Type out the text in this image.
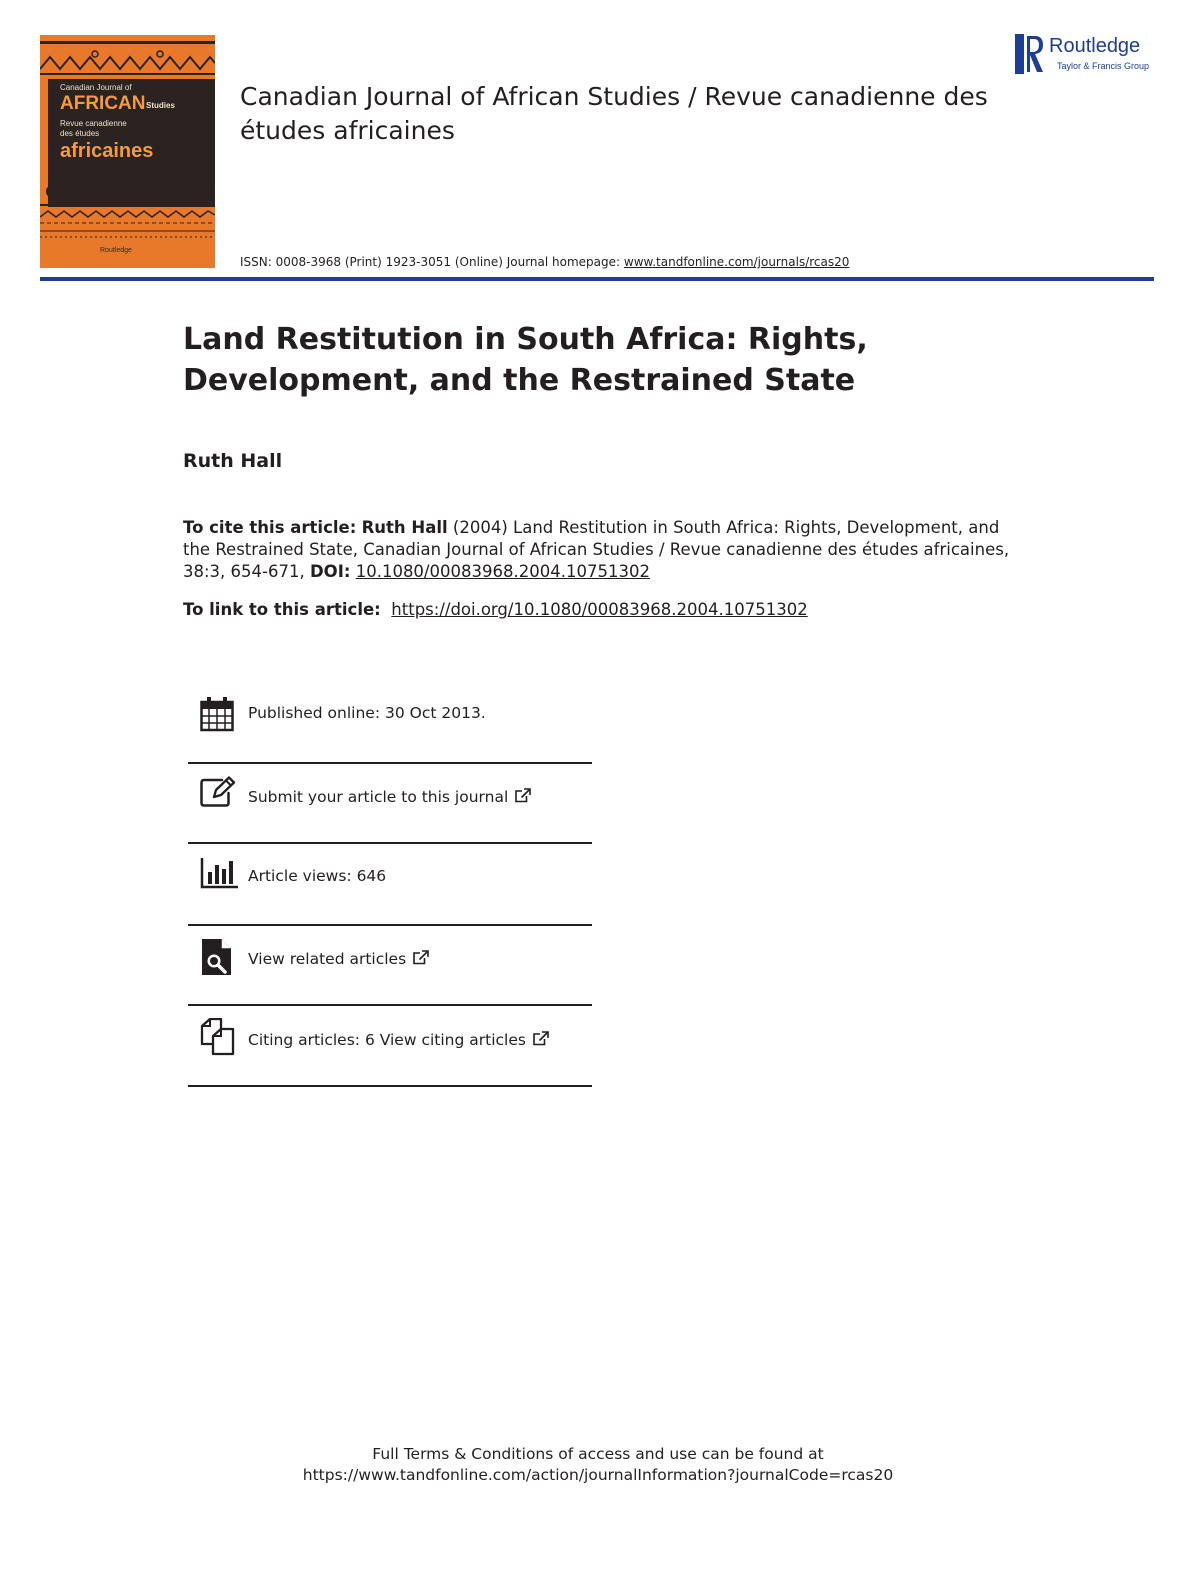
Canadian Journal of
AFRICAN Studies
Revue canadienne
des études
africaines
Routledge
Canadian Journal of African Studies / Revue canadienne des études africaines
ISSN: 0008-3968 (Print) 1923-3051 (Online) Journal homepage: www.tandfonline.com/journals/rcas20
Routledge
Taylor & Francis Group
Land Restitution in South Africa: Rights, Development, and the Restrained State
Ruth Hall
To cite this article: Ruth Hall (2004) Land Restitution in South Africa: Rights, Development, and the Restrained State, Canadian Journal of African Studies / Revue canadienne des études africaines, 38:3, 654-671, DOI: 10.1080/00083968.2004.10751302
To link to this article: https://doi.org/10.1080/00083968.2004.10751302
Published online: 30 Oct 2013.
Submit your article to this journal
Article views: 646
View related articles
Citing articles: 6 View citing articles
Full Terms & Conditions of access and use can be found at
https://www.tandfonline.com/action/journalInformation?journalCode=rcas20
